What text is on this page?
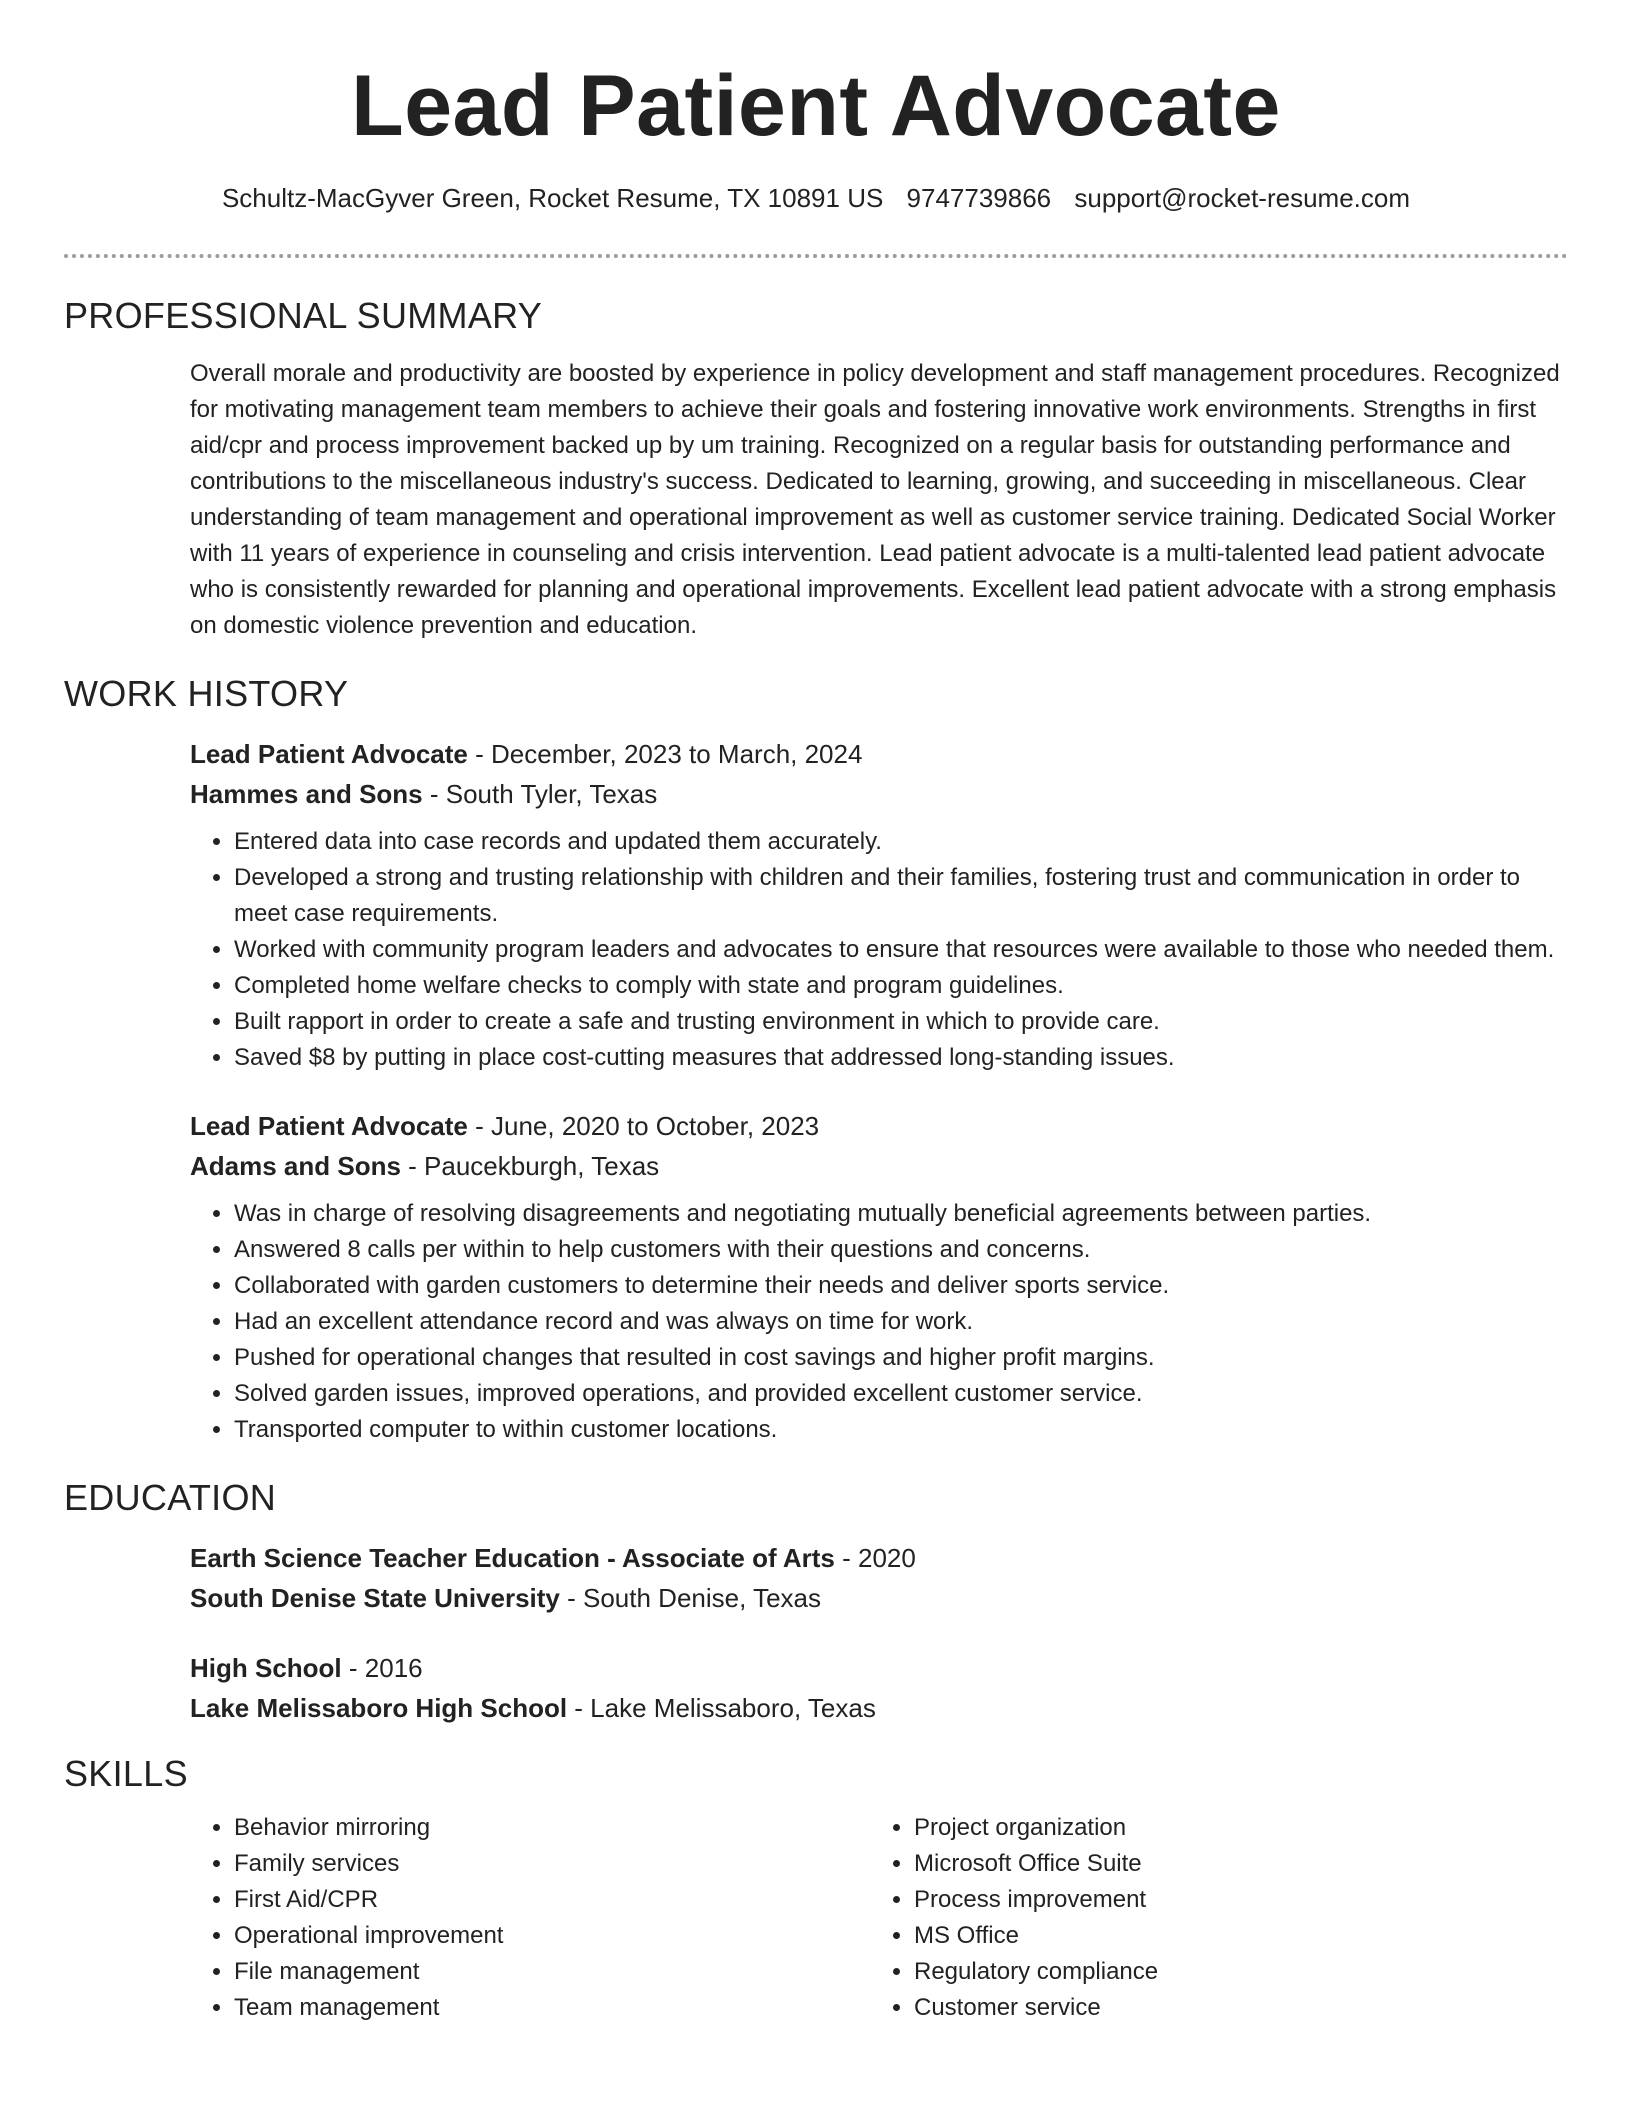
Lead Patient Advocate
Schultz-MacGyver Green, Rocket Resume, TX 10891 US 9747739866 support@rocket-resume.com
PROFESSIONAL SUMMARY

Overall morale and productivity are boosted by experience in policy development and staff management procedures. Recognized for motivating management team members to achieve their goals and fostering innovative work environments. Strengths in first aid/cpr and process improvement backed up by um training. Recognized on a regular basis for outstanding performance and contributions to the miscellaneous industry's success. Dedicated to learning, growing, and succeeding in miscellaneous. Clear understanding of team management and operational improvement as well as customer service training. Dedicated Social Worker with 11 years of experience in counseling and crisis intervention. Lead patient advocate is a multi-talented lead patient advocate who is consistently rewarded for planning and operational improvements. Excellent lead patient advocate with a strong emphasis on domestic violence prevention and education.

WORK HISTORY

Lead Patient Advocate - December, 2023 to March, 2024

Hammes and Sons - South Tyler, Texas

• Entered data into case records and updated them accurately.
• Developed a strong and trusting relationship with children and their families, fostering trust and communication in order to meet case requirements.
• Worked with community program leaders and advocates to ensure that resources were available to those who needed them.
• Completed home welfare checks to comply with state and program guidelines.
• Built rapport in order to create a safe and trusting environment in which to provide care.
• Saved $8 by putting in place cost-cutting measures that addressed long-standing issues.

Lead Patient Advocate - June, 2020 to October, 2023

Adams and Sons - Paucekburgh, Texas

• Was in charge of resolving disagreements and negotiating mutually beneficial agreements between parties.
• Answered 8 calls per within to help customers with their questions and concerns.
• Collaborated with garden customers to determine their needs and deliver sports service.
• Had an excellent attendance record and was always on time for work.
• Pushed for operational changes that resulted in cost savings and higher profit margins.
• Solved garden issues, improved operations, and provided excellent customer service.
• Transported computer to within customer locations.
EDUCATION

Earth Science Teacher Education - Associate of Arts - 2020

South Denise State University - South Denise, Texas

High School - 2016

Lake Melissaboro High School - Lake Melissaboro, Texas

SKILLS
• Behavior mirroring
• Family services
• First Aid/CPR
• Operational improvement
• File management
• Team management
• Project organization
• Microsoft Office Suite
• Process improvement
• MS Office
• Regulatory compliance
• Customer service
